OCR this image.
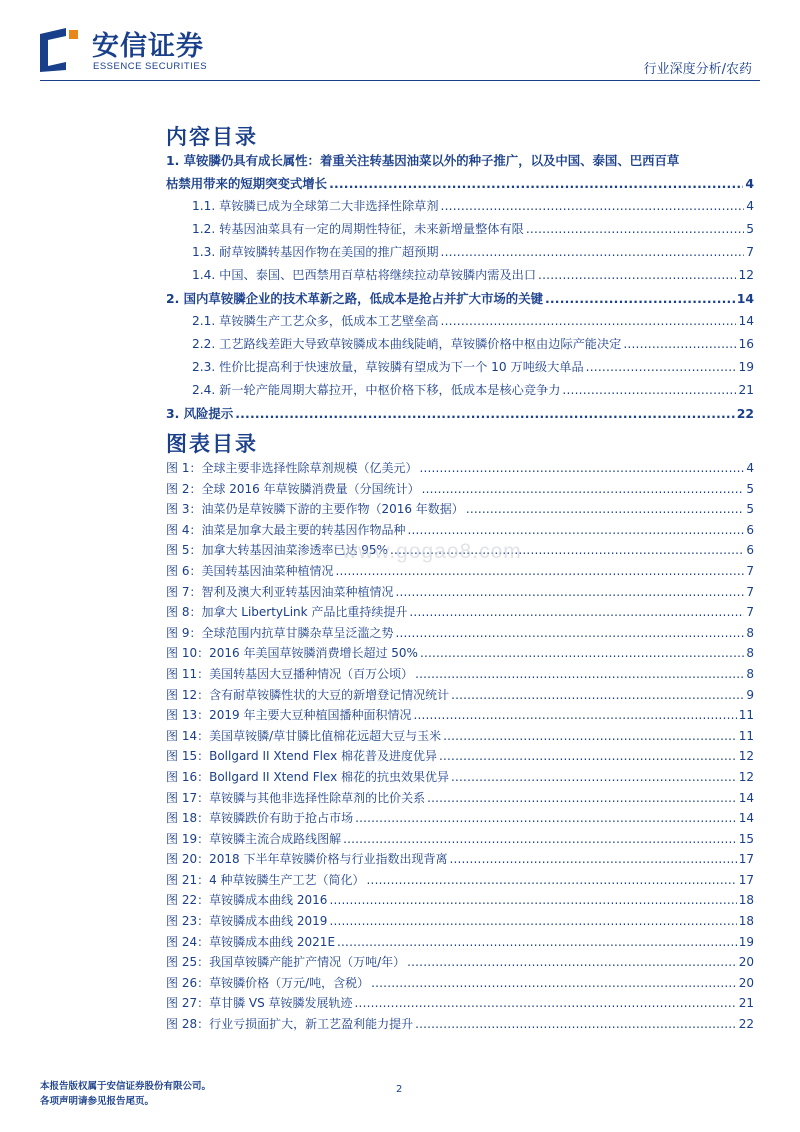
安信证券
ESSENCE SECURITIES	行业深度分析/农药
内容目录
1. 草铵膦仍具有成长属性：着重关注转基因油菜以外的种子推广，以及中国、泰国、巴西百草
枯禁用带来的短期突变式增长 .....	4
1.1. 草铵膦已成为全球第二大非选择性除草剂 .....	4
1.2. 转基因油菜具有一定的周期性特征，未来新增量整体有限 .....	5
1.3. 耐草铵膦转基因作物在美国的推广超预期 .....	7
1.4. 中国、泰国、巴西禁用百草枯将继续拉动草铵膦内需及出口 .....	12
2. 国内草铵膦企业的技术革新之路，低成本是抢占并扩大市场的关键 .....	14
2.1. 草铵膦生产工艺众多，低成本工艺壁垒高 .....	14
2.2. 工艺路线差距大导致草铵膦成本曲线陡峭，草铵膦价格中枢由边际产能决定 .....	16
2.3. 性价比提高利于快速放量，草铵膦有望成为下一个 10 万吨级大单品 .....	19
2.4. 新一轮产能周期大幕拉开，中枢价格下移，低成本是核心竞争力 .....	21
3. 风险提示 .....	22
图表目录
图 1：全球主要非选择性除草剂规模（亿美元） .....	4
图 2：全球 2016 年草铵膦消费量（分国统计） .....	5
图 3：油菜仍是草铵膦下游的主要作物（2016 年数据） .....	5
图 4：油菜是加拿大最主要的转基因作物品种 .....	6
图 5：加拿大转基因油菜渗透率已达 95% .....	6
图 6：美国转基因油菜种植情况 .....	7
图 7：智利及澳大利亚转基因油菜种植情况 .....	7
图 8：加拿大 LibertyLink 产品比重持续提升 .....	7
图 9：全球范围内抗草甘膦杂草呈泛滥之势 .....	8
图 10：2016 年美国草铵膦消费增长超过 50% .....	8
图 11：美国转基因大豆播种情况（百万公顷） .....	8
图 12：含有耐草铵膦性状的大豆的新增登记情况统计 .....	9
图 13：2019 年主要大豆种植国播种面积情况 .....	11
图 14：美国草铵膦/草甘膦比值棉花远超大豆与玉米 .....	11
图 15：Bollgard II Xtend Flex 棉花普及进度优异 .....	12
图 16：Bollgard II Xtend Flex 棉花的抗虫效果优异 .....	12
图 17：草铵膦与其他非选择性除草剂的比价关系 .....	14
图 18：草铵膦跌价有助于抢占市场 .....	14
图 19：草铵膦主流合成路线图解 .....	15
图 20：2018 下半年草铵膦价格与行业指数出现背离 .....	17
图 21：4 种草铵膦生产工艺（简化） .....	17
图 22：草铵膦成本曲线 2016 .....	18
图 23：草铵膦成本曲线 2019 .....	18
图 24：草铵膦成本曲线 2021E .....	19
图 25：我国草铵膦产能扩产情况（万吨/年） .....	20
图 26：草铵膦价格（万元/吨，含税） .....	20
图 27：草甘膦 VS 草铵膦发展轨迹 .....	21
图 28：行业亏损面扩大，新工艺盈利能力提升 .....	22
www.gogao8.com
本报告版权属于安信证券股份有限公司。
各项声明请参见报告尾页。
2
